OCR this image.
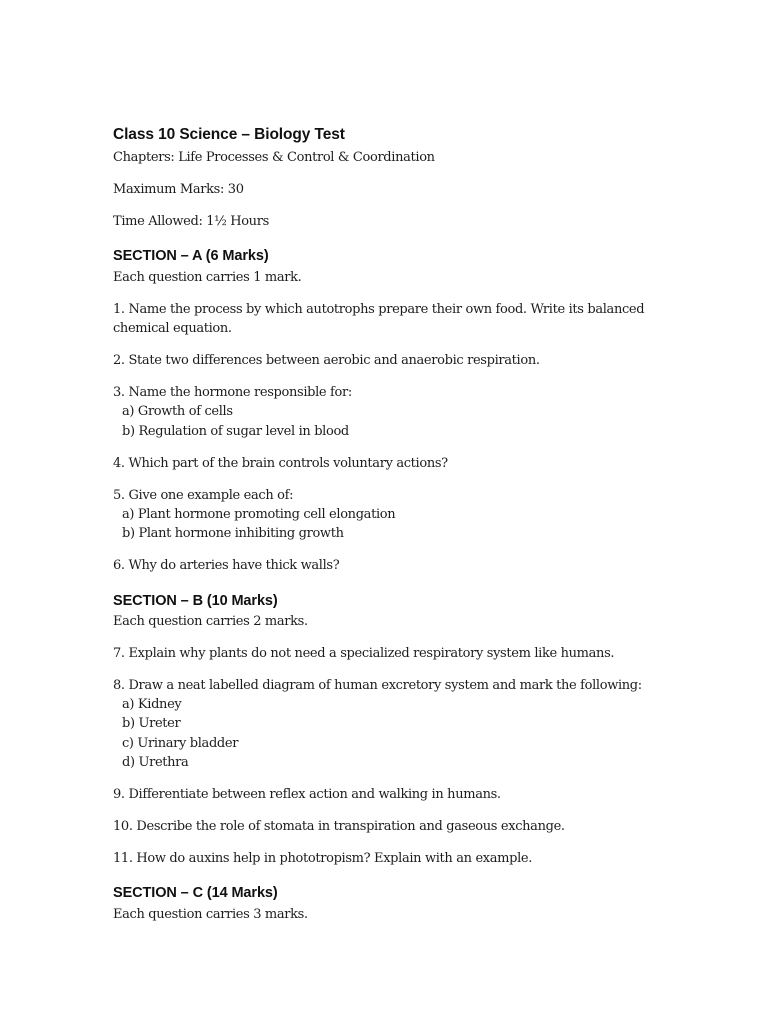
Class 10 Science – Biology Test
Chapters: Life Processes & Control & Coordination
Maximum Marks: 30
Time Allowed: 1½ Hours
SECTION – A (6 Marks)
Each question carries 1 mark.
1. Name the process by which autotrophs prepare their own food. Write its balanced
chemical equation.
2. State two differences between aerobic and anaerobic respiration.
3. Name the hormone responsible for:
a) Growth of cells
b) Regulation of sugar level in blood
4. Which part of the brain controls voluntary actions?
5. Give one example each of:
a) Plant hormone promoting cell elongation
b) Plant hormone inhibiting growth
6. Why do arteries have thick walls?
SECTION – B (10 Marks)
Each question carries 2 marks.
7. Explain why plants do not need a specialized respiratory system like humans.
8. Draw a neat labelled diagram of human excretory system and mark the following:
a) Kidney
b) Ureter
c) Urinary bladder
d) Urethra
9. Differentiate between reflex action and walking in humans.
10. Describe the role of stomata in transpiration and gaseous exchange.
11. How do auxins help in phototropism? Explain with an example.
SECTION – C (14 Marks)
Each question carries 3 marks.
